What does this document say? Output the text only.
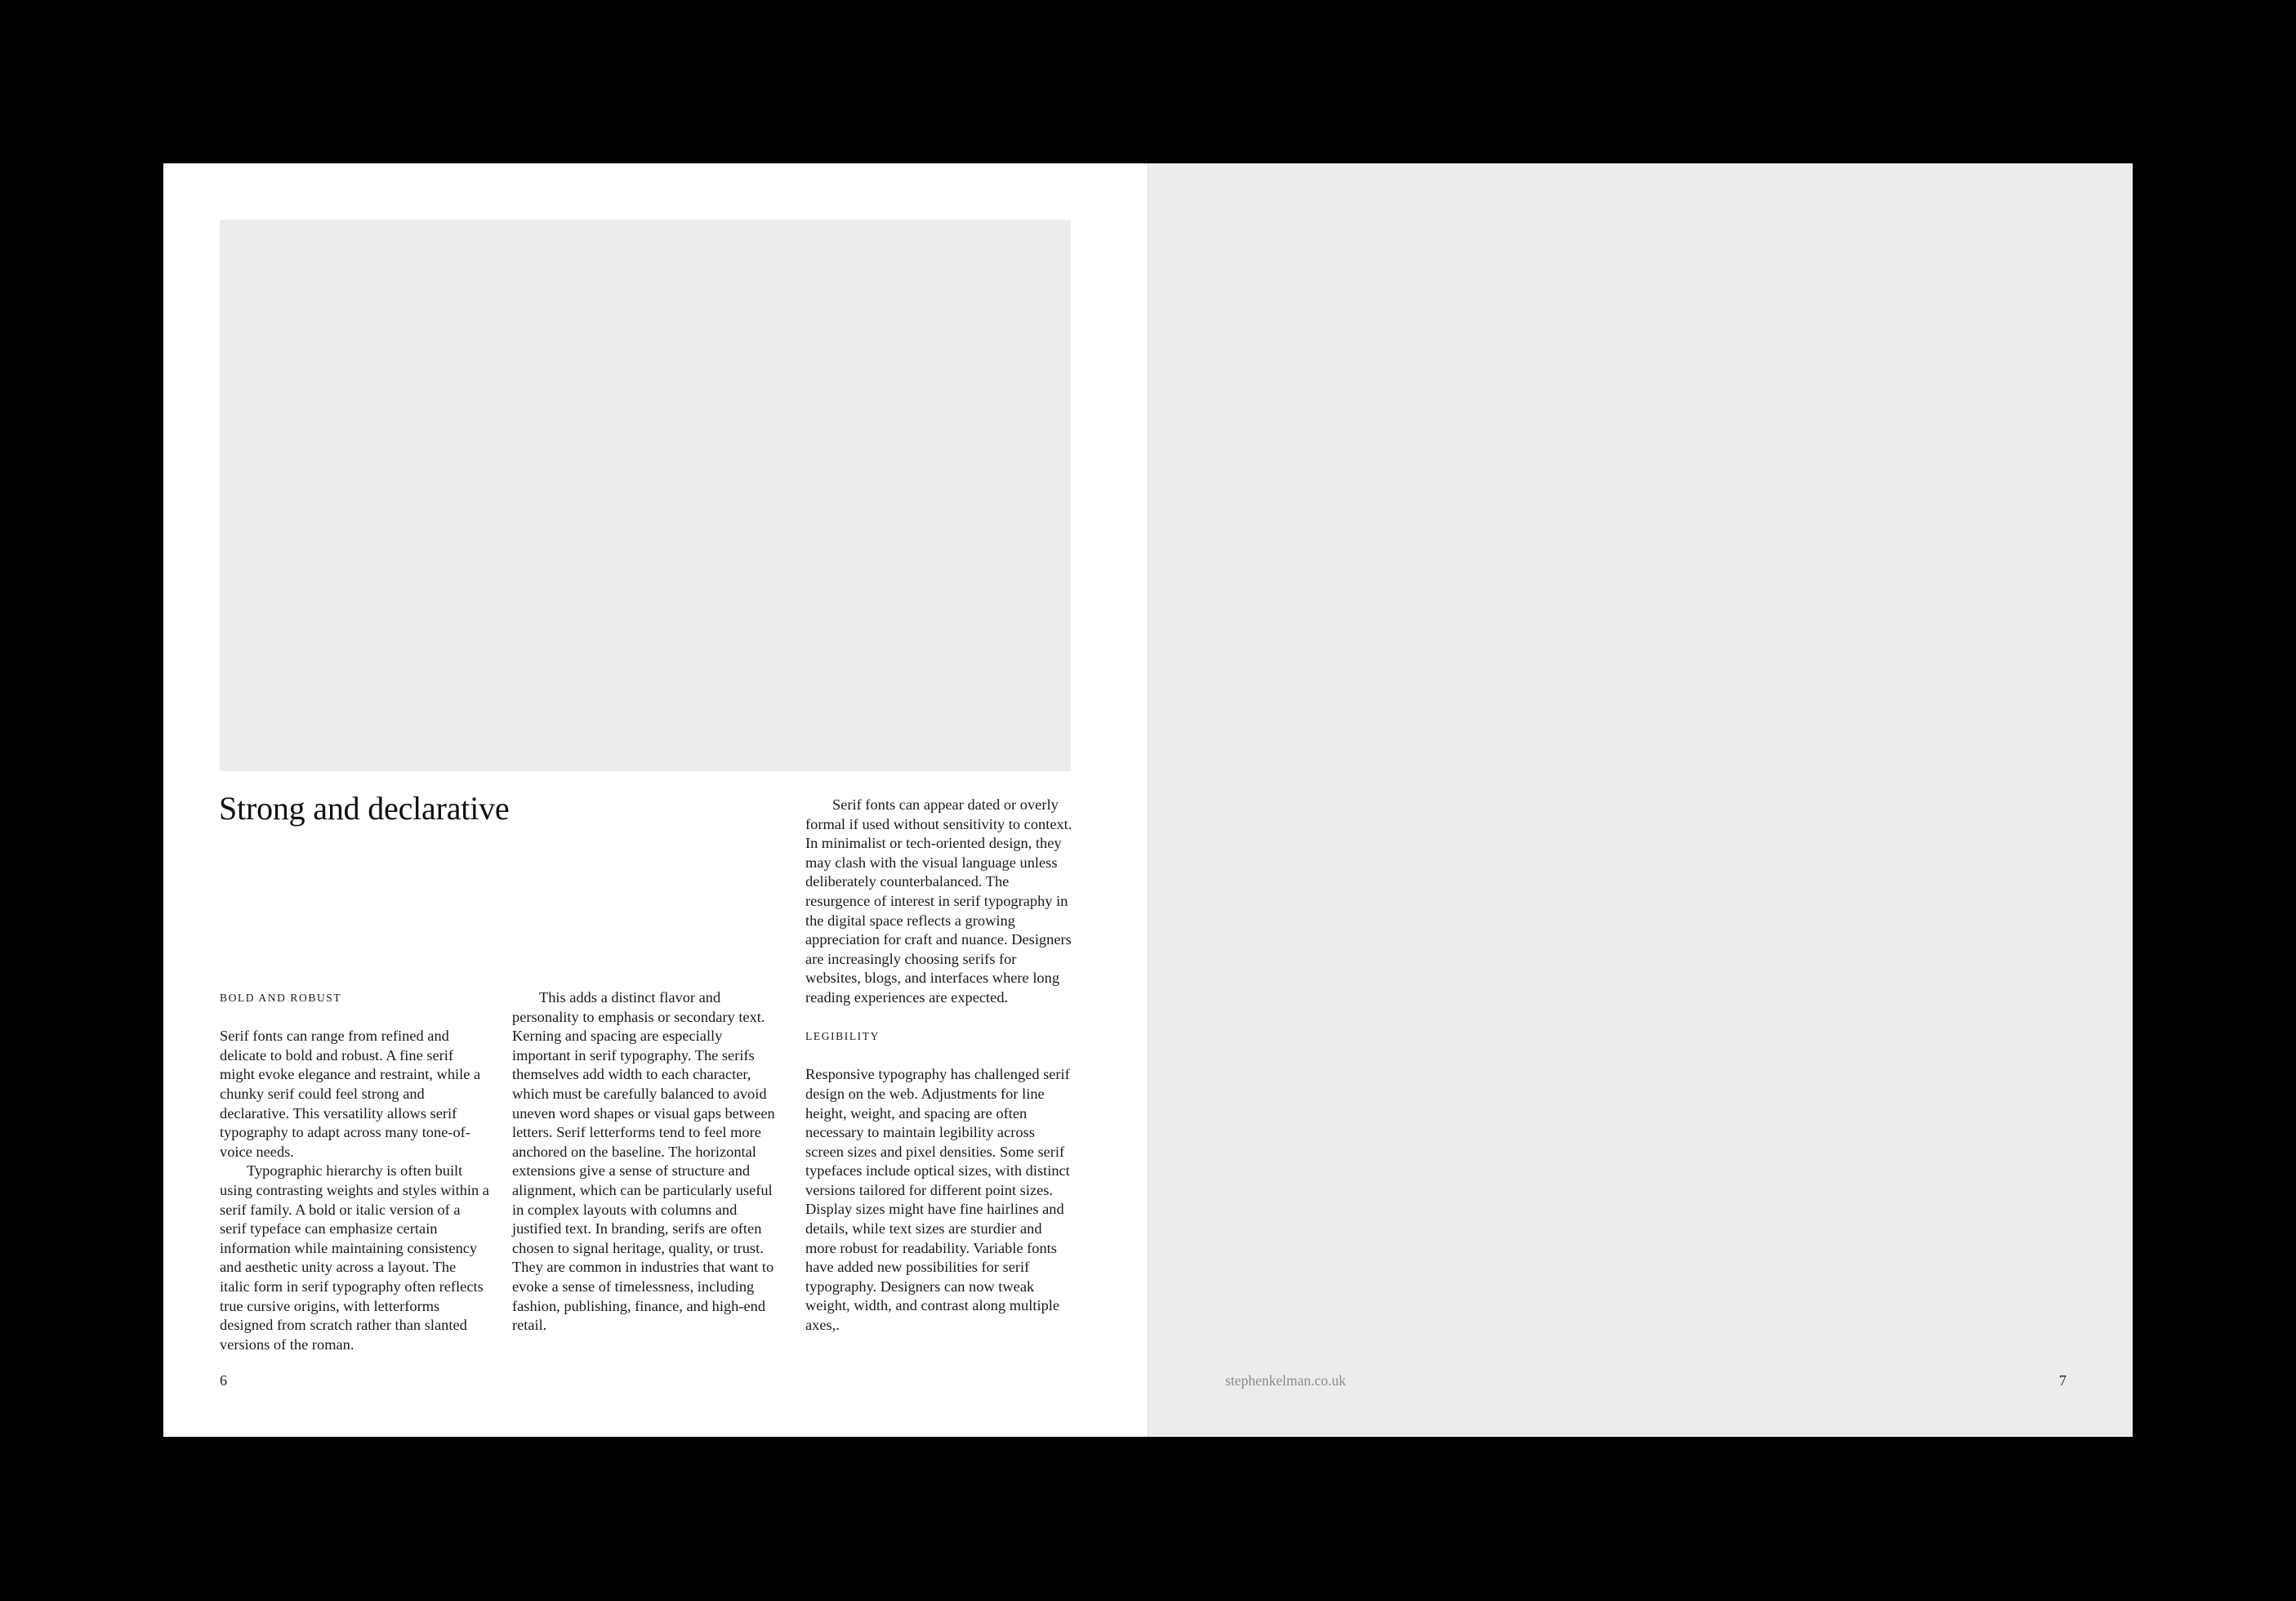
Strong and declarative

BOLD AND ROBUST

Serif fonts can range from refined and delicate to bold and robust. A fine serif might evoke elegance and restraint, while a chunky serif could feel strong and declarative. This versatility allows serif typography to adapt across many tone-of-voice needs.

Typographic hierarchy is often built using contrasting weights and styles within a serif family. A bold or italic version of a serif typeface can emphasize certain information while maintaining consistency and aesthetic unity across a layout. The italic form in serif typography often reflects true cursive origins, with letterforms designed from scratch rather than slanted versions of the roman.

This adds a distinct flavor and personality to emphasis or secondary text. Kerning and spacing are especially important in serif typography. The serifs themselves add width to each character, which must be carefully balanced to avoid uneven word shapes or visual gaps between letters. Serif letterforms tend to feel more anchored on the baseline. The horizontal extensions give a sense of structure and alignment, which can be particularly useful in complex layouts with columns and justified text. In branding, serifs are often chosen to signal heritage, quality, or trust. They are common in industries that want to evoke a sense of timelessness, including fashion, publishing, finance, and high-end retail.

Serif fonts can appear dated or overly formal if used without sensitivity to context. In minimalist or tech-oriented design, they may clash with the visual language unless deliberately counterbalanced. The resurgence of interest in serif typography in the digital space reflects a growing appreciation for craft and nuance. Designers are increasingly choosing serifs for websites, blogs, and interfaces where long reading experiences are expected.

LEGIBILITY

Responsive typography has challenged serif design on the web. Adjustments for line height, weight, and spacing are often necessary to maintain legibility across screen sizes and pixel densities. Some serif typefaces include optical sizes, with distinct versions tailored for different point sizes. Display sizes might have fine hairlines and details, while text sizes are sturdier and more robust for readability. Variable fonts have added new possibilities for serif typography. Designers can now tweak weight, width, and contrast along multiple axes,.

6	stephenkelman.co.uk	7
